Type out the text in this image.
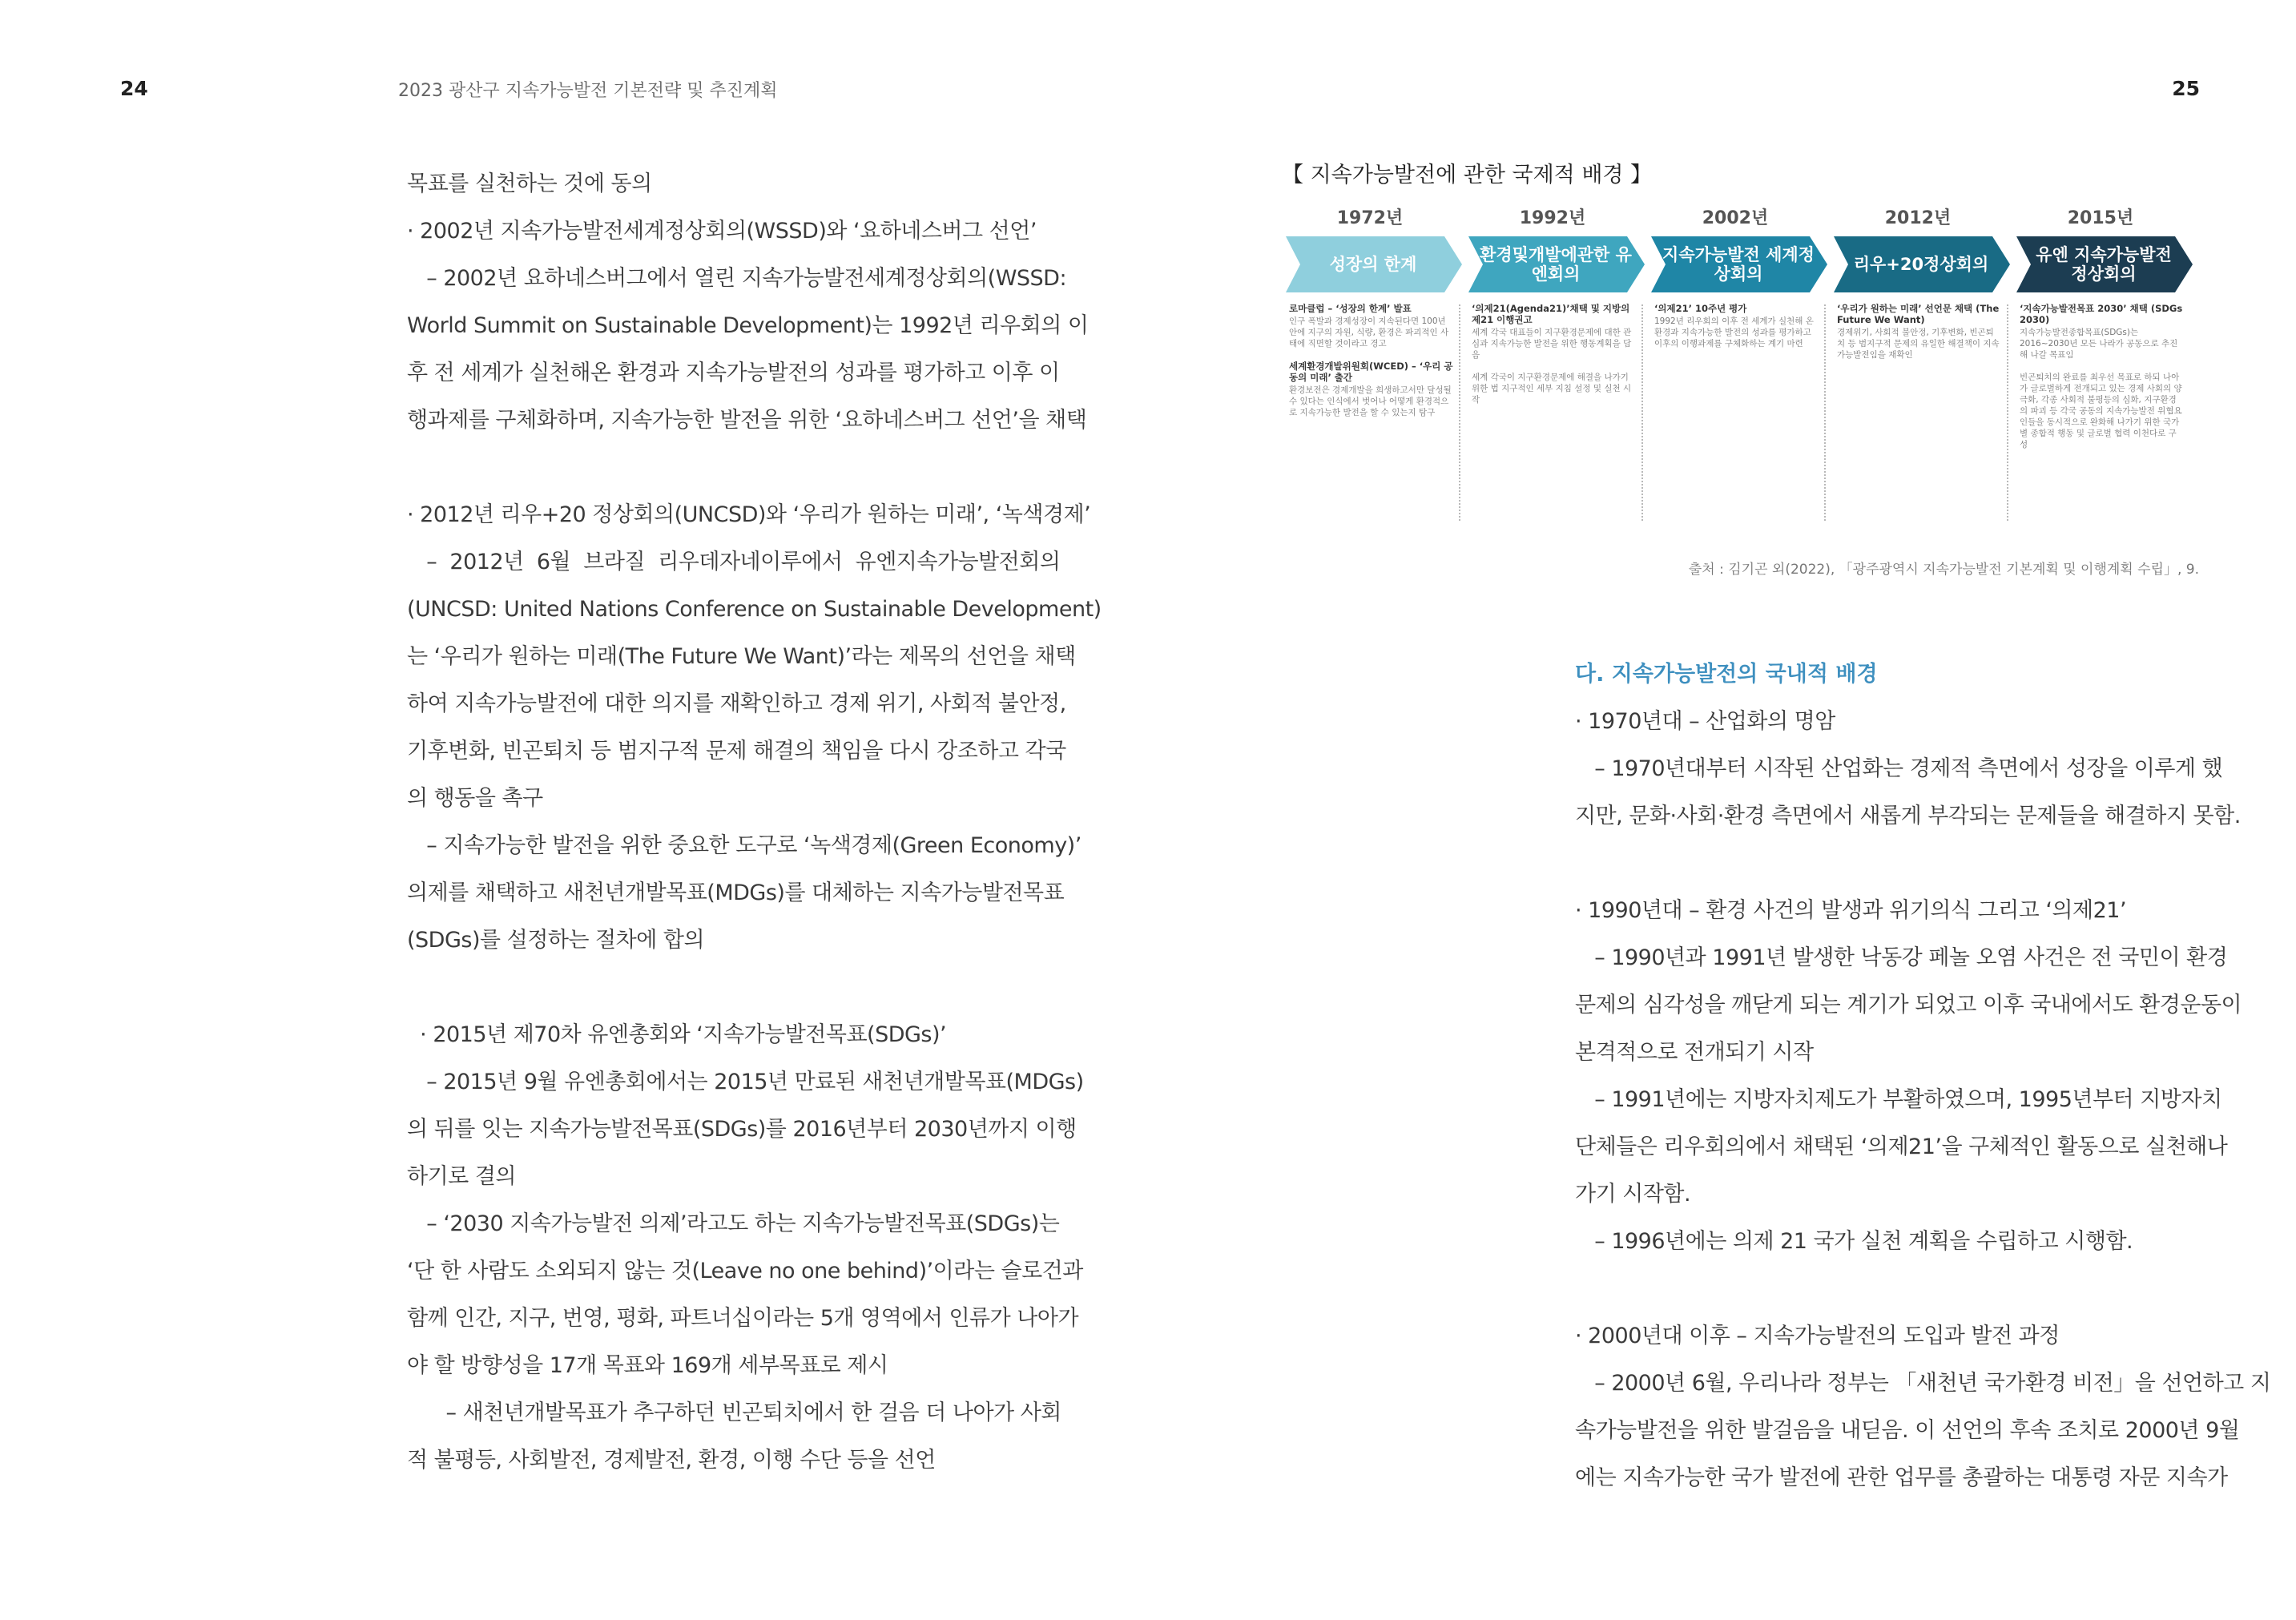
24	2023 광산구 지속가능발전 기본전략 및 추진계획	25

목표를 실천하는 것에 동의

· 2002년 지속가능발전세계정상회의(WSSD)와 ‘요하네스버그 선언’

– 2002년 요하네스버그에서 열린 지속가능발전세계정상회의(WSSD:

World Summit on Sustainable Development)는 1992년 리우회의 이

후 전 세계가 실천해온 환경과 지속가능발전의 성과를 평가하고 이후 이

행과제를 구체화하며, 지속가능한 발전을 위한 ‘요하네스버그 선언’을 채택

· 2012년 리우+20 정상회의(UNCSD)와 ‘우리가 원하는 미래’, ‘녹색경제’

–  2012년  6월  브라질  리우데자네이루에서  유엔지속가능발전회의

(UNCSD: United Nations Conference on Sustainable Development)

는 ‘우리가 원하는 미래(The Future We Want)’라는 제목의 선언을 채택

하여 지속가능발전에 대한 의지를 재확인하고 경제 위기, 사회적 불안정,

기후변화, 빈곤퇴치 등 범지구적 문제 해결의 책임을 다시 강조하고 각국

의 행동을 촉구

– 지속가능한 발전을 위한 중요한 도구로 ‘녹색경제(Green Economy)’

의제를 채택하고 새천년개발목표(MDGs)를 대체하는 지속가능발전목표

(SDGs)를 설정하는 절차에 합의

· 2015년 제70차 유엔총회와 ‘지속가능발전목표(SDGs)’

– 2015년 9월 유엔총회에서는 2015년 만료된 새천년개발목표(MDGs)

의 뒤를 잇는 지속가능발전목표(SDGs)를 2016년부터 2030년까지 이행

하기로 결의

– ‘2030 지속가능발전 의제’라고도 하는 지속가능발전목표(SDGs)는

‘단 한 사람도 소외되지 않는 것(Leave no one behind)’이라는 슬로건과

함께 인간, 지구, 번영, 평화, 파트너십이라는 5개 영역에서 인류가 나아가

야 할 방향성을 17개 목표와 169개 세부목표로 제시

– 새천년개발목표가 추구하던 빈곤퇴치에서 한 걸음 더 나아가 사회

적 불평등, 사회발전, 경제발전, 환경, 이행 수단 등을 선언

【 지속가능발전에 관한 국제적 배경 】
1972년
성장의 한계
로마클럽 – ‘성장의 한계’ 발표
인구 폭발과 경제성장이 지속된다면 100년 안에 지구의 자원, 식량, 환경은 파괴적인 사태에 직면할 것이라고 경고
세계환경개발위원회(WCED) – ‘우리 공동의 미래’ 출간
환경보전은 경제개발을 희생하고서만 달성될 수 있다는 인식에서 벗어나 어떻게 환경적으로 지속가능한 발전을 할 수 있는지 탐구
1992년
환경및개발에관한 유엔회의
‘의제21(Agenda21)’채택 및 지방의제21 이행권고
세계 각국 대표들이 지구환경문제에 대한 관심과 지속가능한 발전을 위한 행동계획을 담음
세계 각국이 지구환경문제에 해결을 나가기 위한 법 지구적인 세부 지침 설정 및 실천 시작
2002년
지속가능발전 세계정상회의
‘의제21’ 10주년 평가
1992년 리우회의 이후 전 세계가 실천해 온 환경과 지속가능한 발전의 성과를 평가하고 이후의 이행과제를 구체화하는 계기 마련
2012년
리우+20정상회의
‘우리가 원하는 미래’ 선언문 채택 (The Future We Want)
경제위기, 사회적 불안정, 기후변화, 빈곤퇴치 등 범지구적 문제의 유일한 해결책이 지속가능발전임을 재확인
2015년
유엔 지속가능발전 정상회의
‘지속가능발전목표 2030’ 채택 (SDGs 2030)
지속가능발전종합목표(SDGs)는 2016~2030년 모든 나라가 공동으로 추진해 나갈 목표임
빈곤퇴치의 완료를 최우선 목표로 하되 나아가 글로벌하게 전개되고 있는 경제 사회의 양극화, 각종 사회적 불평등의 심화, 지구환경의 파괴 등 각국 공동의 지속가능발전 위협요인들을 동시적으로 완화해 나가기 위한 국가별 종합적 행동 및 글로벌 협력 이천다로 구성
출처 : 김기곤 외(2022), 「광주광역시 지속가능발전 기본계획 및 이행계획 수립」, 9.
다. 지속가능발전의 국내적 배경

· 1970년대 – 산업화의 명암

– 1970년대부터 시작된 산업화는 경제적 측면에서 성장을 이루게 했

지만, 문화·사회·환경 측면에서 새롭게 부각되는 문제들을 해결하지 못함.

· 1990년대 – 환경 사건의 발생과 위기의식 그리고 ‘의제21’

– 1990년과 1991년 발생한 낙동강 페놀 오염 사건은 전 국민이 환경

문제의 심각성을 깨닫게 되는 계기가 되었고 이후 국내에서도 환경운동이

본격적으로 전개되기 시작

– 1991년에는 지방자치제도가 부활하였으며, 1995년부터 지방자치

단체들은 리우회의에서 채택된 ‘의제21’을 구체적인 활동으로 실천해나

가기 시작함.

– 1996년에는 의제 21 국가 실천 계획을 수립하고 시행함.

· 2000년대 이후 – 지속가능발전의 도입과 발전 과정

– 2000년 6월, 우리나라 정부는 「새천년 국가환경 비전」을 선언하고 지

속가능발전을 위한 발걸음을 내딛음. 이 선언의 후속 조치로 2000년 9월

에는 지속가능한 국가 발전에 관한 업무를 총괄하는 대통령 자문 지속가
